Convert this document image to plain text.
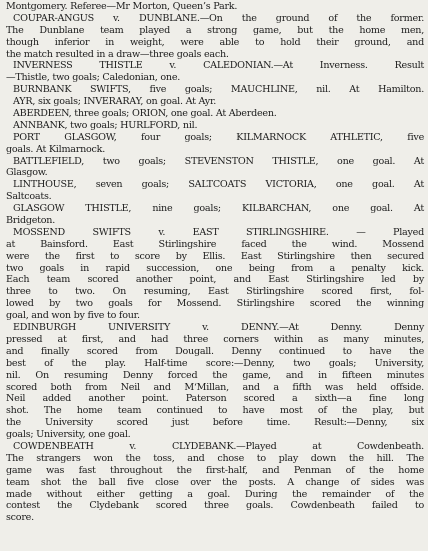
Montgomery. Referee—Mr Morton, Queen’s Park.
COUPAR-ANGUS v. DUNBLANE.—On the ground of the former.
The Dunblane team played a strong game, but the home men,
though inferior in weight, were able to hold their ground, and
the match resulted in a draw—three goals each.
INVERNESS THISTLE v. CALEDONIAN.—At Inverness. Result
—Thistle, two goals; Caledonian, one.
BURNBANK SWIFTS, five goals; MAUCHLINE, nil. At Hamilton.
AYR, six goals; INVERARAY, on goal. At Ayr.
ABERDEEN, three goals; ORION, one goal. At Aberdeen.
ANNBANK, two goals; HURLFORD, nil.
PORT GLASGOW, four goals; KILMARNOCK ATHLETIC, five
goals. At Kilmarnock.
BATTLEFIELD, two goals; STEVENSTON THISTLE, one goal. At
Glasgow.
LINTHOUSE, seven goals; SALTCOATS VICTORIA, one goal. At
Saltcoats.
GLASGOW THISTLE, nine goals; KILBARCHAN, one goal. At
Bridgeton.
MOSSEND SWIFTS v. EAST STIRLINGSHIRE. — Played
at Bainsford. East Stirlingshire faced the wind. Mossend
were the first to score by Ellis. East Stirlingshire then secured
two goals in rapid succession, one being from a penalty kick.
Each team scored another point, and East Stirlingshire led by
three to two. On resuming, East Stirlingshire scored first, fol-
lowed by two goals for Mossend. Stirlingshire scored the winning
goal, and won by five to four.
EDINBURGH UNIVERSITY v. DENNY.—At Denny. Denny
pressed at first, and had three corners within as many minutes,
and finally scored from Dougall. Denny continued to have the
best of the play. Half-time score:—Denny, two goals; University,
nil. On resuming Denny forced the game, and in fifteen minutes
scored both from Neil and M‘Millan, and a fifth was held offside.
Neil added another point. Paterson scored a sixth—a fine long
shot. The home team continued to have most of the play, but
the University scored just before time. Result:—Denny, six
goals; University, one goal.
COWDENBEATH v. CLYDEBANK.—Played at Cowdenbeath.
The strangers won the toss, and chose to play down the hill. The
game was fast throughout the first-half, and Penman of the home
team shot the ball five close over the posts. A change of sides was
made without either getting a goal. During the remainder of the
contest the Clydebank scored three goals. Cowdenbeath failed to
score.
